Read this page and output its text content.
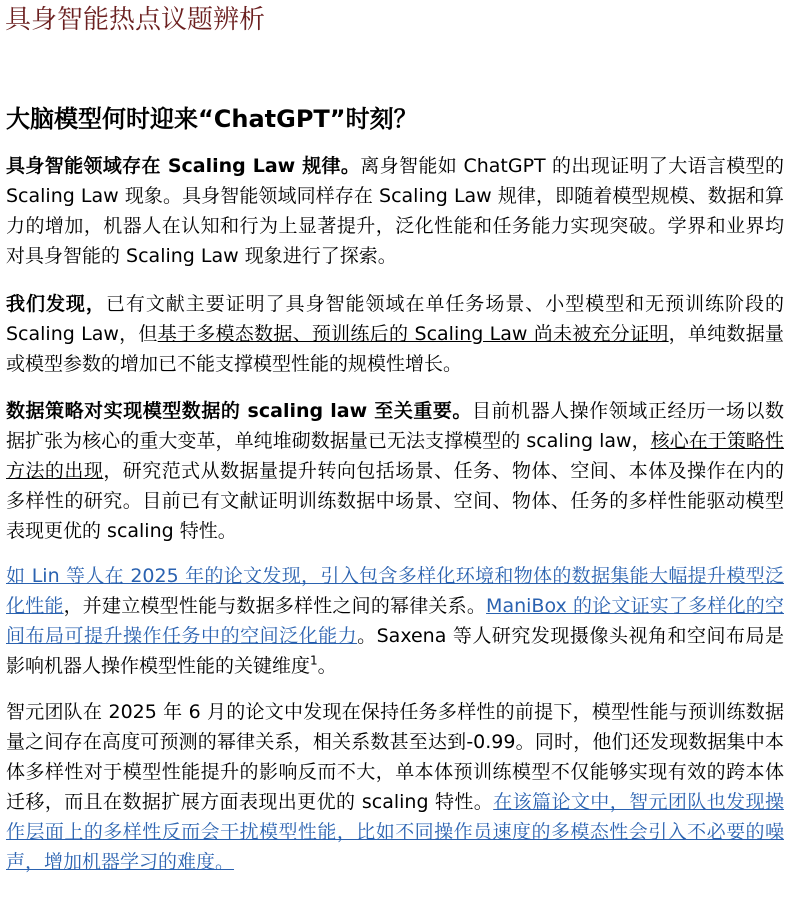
具身智能热点议题辨析
大脑模型何时迎来“ChatGPT”时刻？

具身智能领域存在 Scaling Law 规律。离身智能如 ChatGPT 的出现证明了大语言模型的 Scaling Law 现象。具身智能领域同样存在 Scaling Law 规律，即随着模型规模、数据和算力的增加，机器人在认知和行为上显著提升，泛化性能和任务能力实现突破。学界和业界均对具身智能的 Scaling Law 现象进行了探索。

我们发现，已有文献主要证明了具身智能领域在单任务场景、小型模型和无预训练阶段的 Scaling Law，但基于多模态数据、预训练后的 Scaling Law 尚未被充分证明，单纯数据量或模型参数的增加已不能支撑模型性能的规模性增长。

数据策略对实现模型数据的 scaling law 至关重要。目前机器人操作领域正经历一场以数据扩张为核心的重大变革，单纯堆砌数据量已无法支撑模型的 scaling law，核心在于策略性方法的出现，研究范式从数据量提升转向包括场景、任务、物体、空间、本体及操作在内的多样性的研究。目前已有文献证明训练数据中场景、空间、物体、任务的多样性能驱动模型表现更优的 scaling 特性。

如 Lin 等人在 2025 年的论文发现，引入包含多样化环境和物体的数据集能大幅提升模型泛化性能，并建立模型性能与数据多样性之间的幂律关系。ManiBox 的论文证实了多样化的空间布局可提升操作任务中的空间泛化能力。Saxena 等人研究发现摄像头视角和空间布局是影响机器人操作模型性能的关键维度$^1$。

智元团队在 2025 年 6 月的论文中发现在保持任务多样性的前提下，模型性能与预训练数据量之间存在高度可预测的幂律关系，相关系数甚至达到-0.99。同时，他们还发现数据集中本体多样性对于模型性能提升的影响反而不大，单本体预训练模型不仅能够实现有效的跨本体迁移，而且在数据扩展方面表现出更优的 scaling 特性。在该篇论文中，智元团队也发现操作层面上的多样性反而会干扰模型性能，比如不同操作员速度的多模态性会引入不必要的噪声，增加机器学习的难度。
